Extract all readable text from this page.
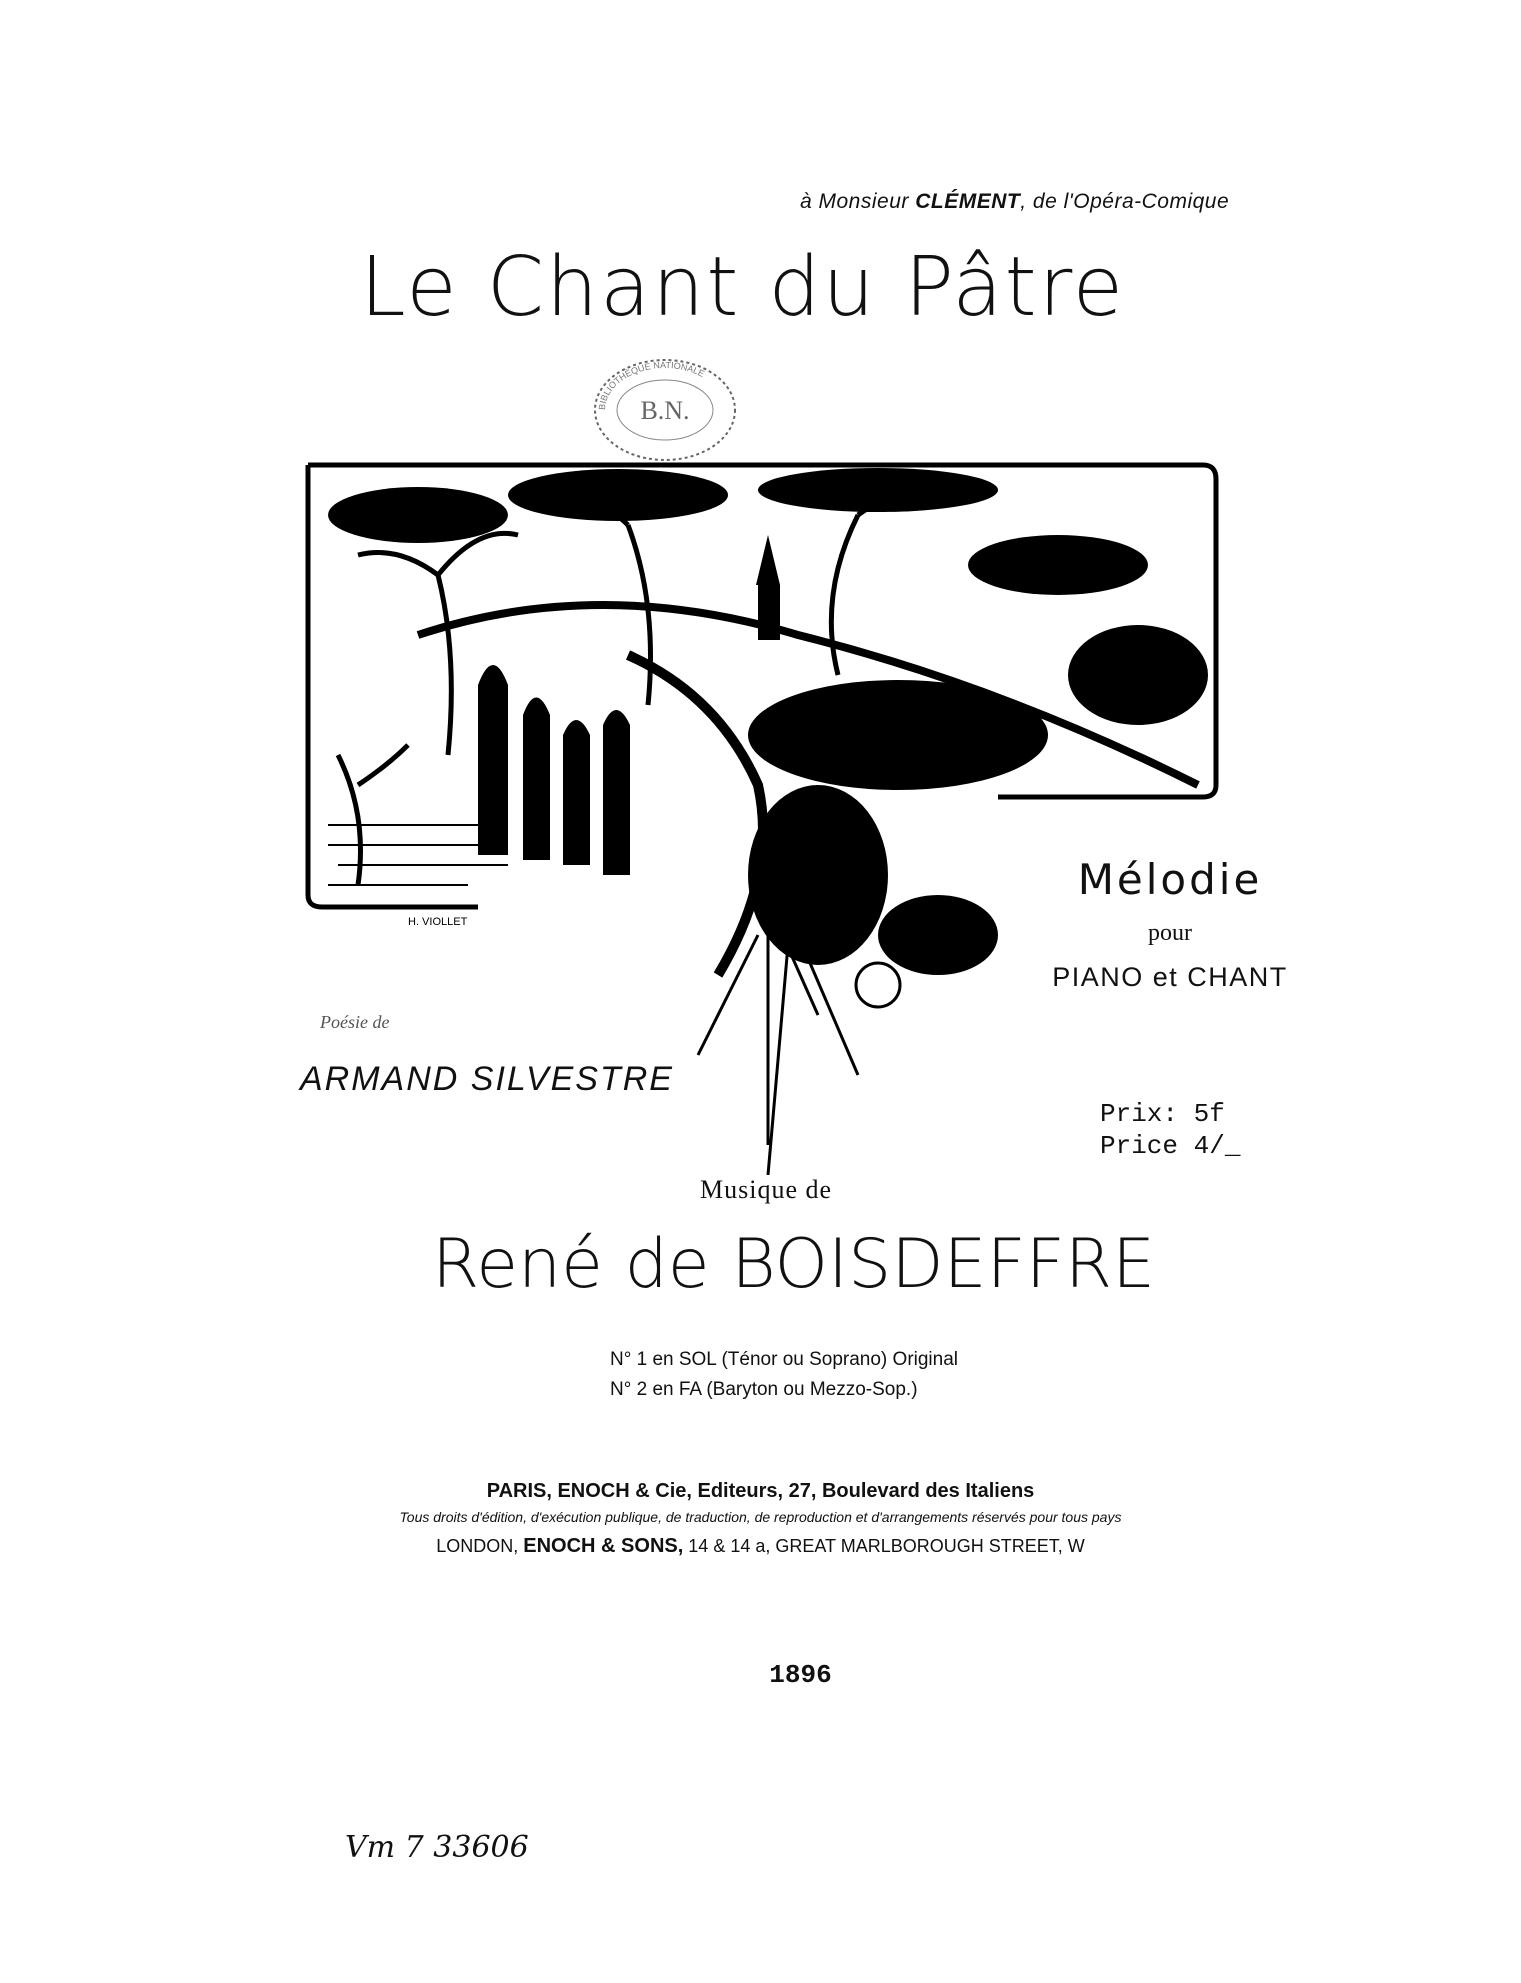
à Monsieur CLÉMENT, de l'Opéra-Comique
Le Chant du Pâtre
B.N.
BIBLIOTHÈQUE NATIONALE
H. VIOLLET
Mélodie
pour
PIANO et CHANT
Poésie de
ARMAND SILVESTRE
Prix: 5f
Price 4/_
Musique de
René de BOISDEFFRE
N° 1 en SOL (Ténor ou Soprano) Original
N° 2 en FA (Baryton ou Mezzo-Sop.)
PARIS, ENOCH & Cie, Editeurs, 27, Boulevard des Italiens
Tous droits d'édition, d'exécution publique, de traduction, de reproduction et d'arrangements réservés pour tous pays
LONDON, ENOCH & SONS, 14 & 14 a, GREAT MARLBOROUGH STREET, W
1896
Vm 7 33606
